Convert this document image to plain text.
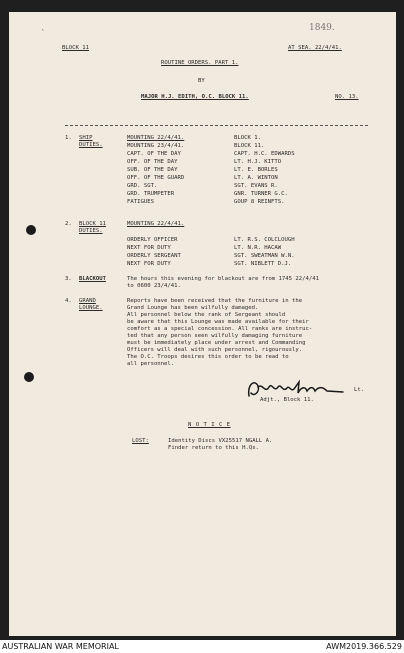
`	1849.
BLOCK 11	AT SEA. 22/4/41.
ROUTINE ORDERS. PART 1.
BY
MAJOR H.J. EDITH, O.C. BLOCK 11.	NO. 13.
1. SHIP
DUTIES.
MOUNTING 22/4/41.	BLOCK 1.
MOUNTING 23/4/41.	BLOCK 11.
CAPT. OF THE DAY	CAPT. H.C. EDWARDS
OFF. OF THE DAY	LT. H.J. KITTO
SUB. OF THE DAY	LT. E. BORLES
OFF. OF THE GUARD	LT. A. WINTON
GRD. SGT.	SGT. EVANS R.
GRD. TRUMPETER	GNR. TURNER G.C.
FATIGUES	GOUP 8 REINFTS.
2. BLOCK 11
DUTIES.
MOUNTING 22/4/41.
ORDERLY OFFICER	LT. R.S. COLCLOUGH
NEXT FOR DUTY	LT. N.R. HACAW
ORDERLY SERGEANT	SGT. SWEATMAN W.N.
NEXT FOR DUTY	SGT. NIBLETT D.J.
3. BLACKOUT	The hours this evening for blackout are from 1745 22/4/41
to 0600 23/4/41.
4. GRAND
LOUNGE.
Reports have been received that the furniture in the
Grand Lounge has been wilfully damaged.
All personnel below the rank of Sergeant should
be aware that this Lounge was made available for their
comfort as a special concession. All ranks are instruc-
ted that any person seen wilfully damaging furniture
must be immediately place under arrest and Commanding
Officers will deal with such personnel, rigourously.
The O.C. Troops desires this order to be read to
all personnel.
Lt.
Adjt., Block 11.
N O T I C E
LOST:	Identity Discs VX25517 NGALL A.
Finder return to this H.Qs.
AUSTRALIAN WAR MEMORIAL	AWM2019.366.529
